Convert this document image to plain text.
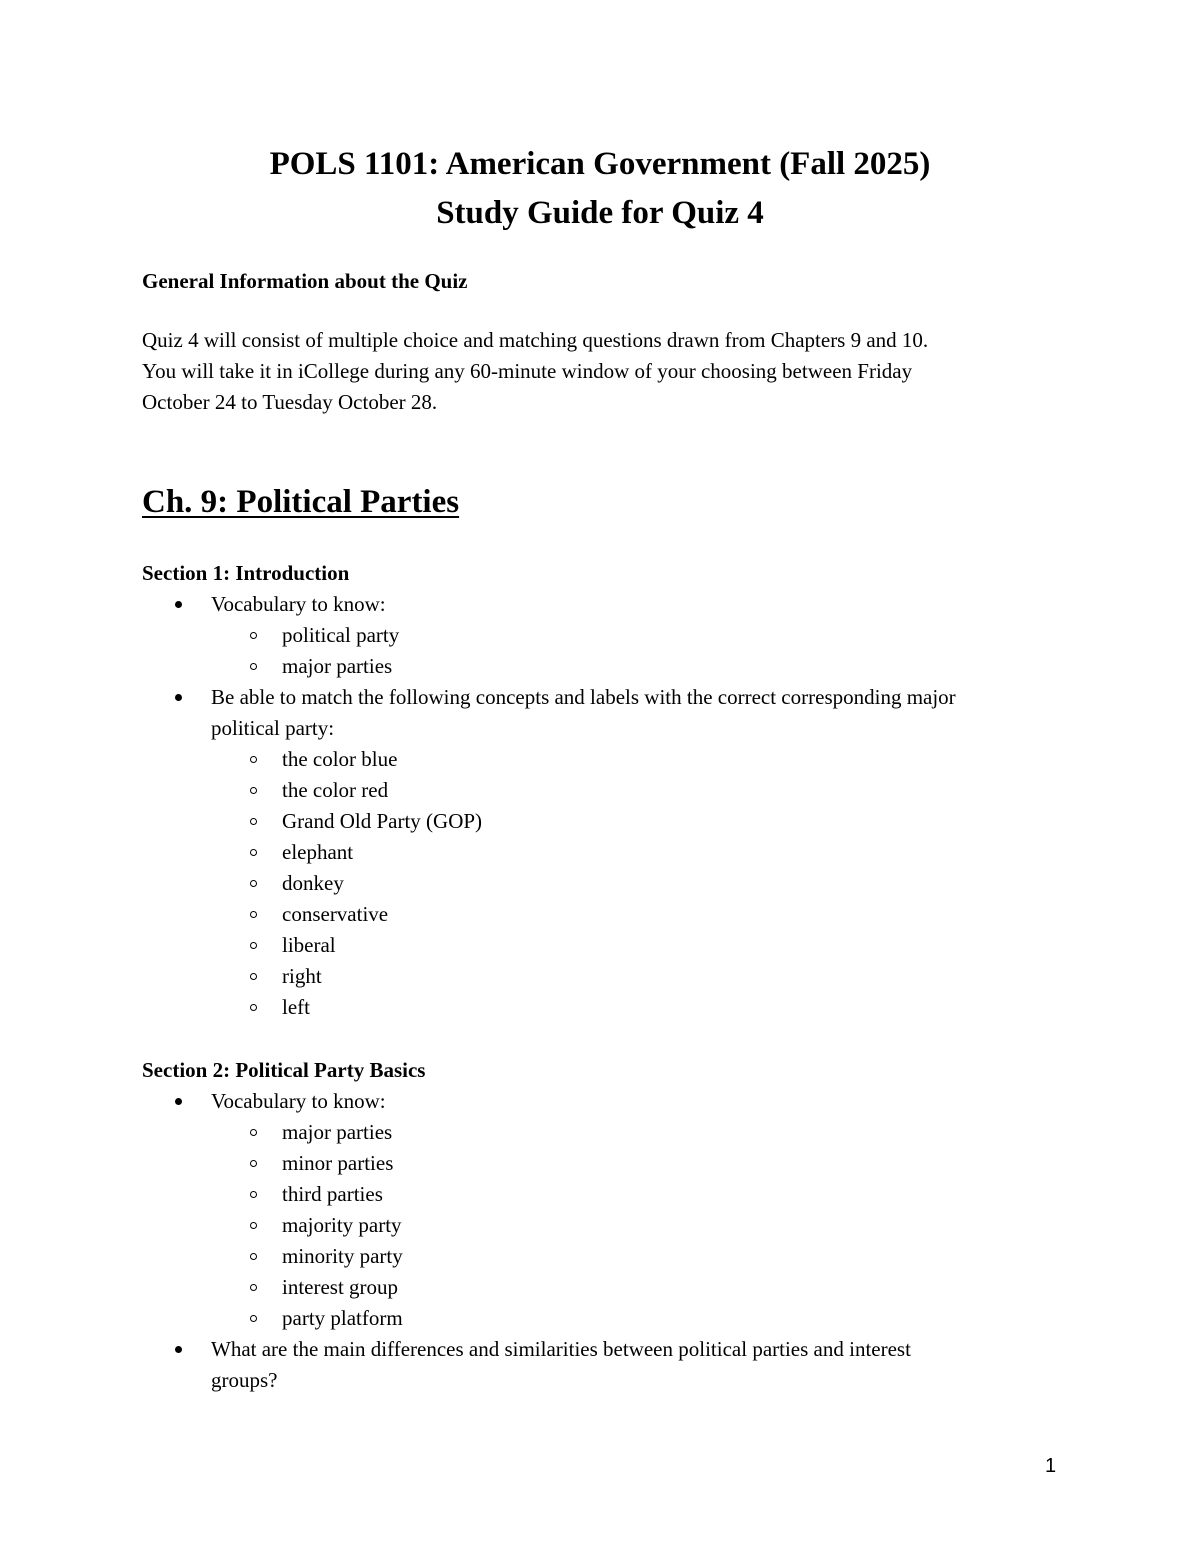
POLS 1101: American Government (Fall 2025)
Study Guide for Quiz 4
General Information about the Quiz
Quiz 4 will consist of multiple choice and matching questions drawn from Chapters 9 and 10.
You will take it in iCollege during any 60-minute window of your choosing between Friday
October 24 to Tuesday October 28.
Ch. 9: Political Parties
Section 1: Introduction
Vocabulary to know:
political party
major parties
Be able to match the following concepts and labels with the correct corresponding major
political party:
the color blue
the color red
Grand Old Party (GOP)
elephant
donkey
conservative
liberal
right
left
Section 2: Political Party Basics
Vocabulary to know:
major parties
minor parties
third parties
majority party
minority party
interest group
party platform
What are the main differences and similarities between political parties and interest
groups?
1
